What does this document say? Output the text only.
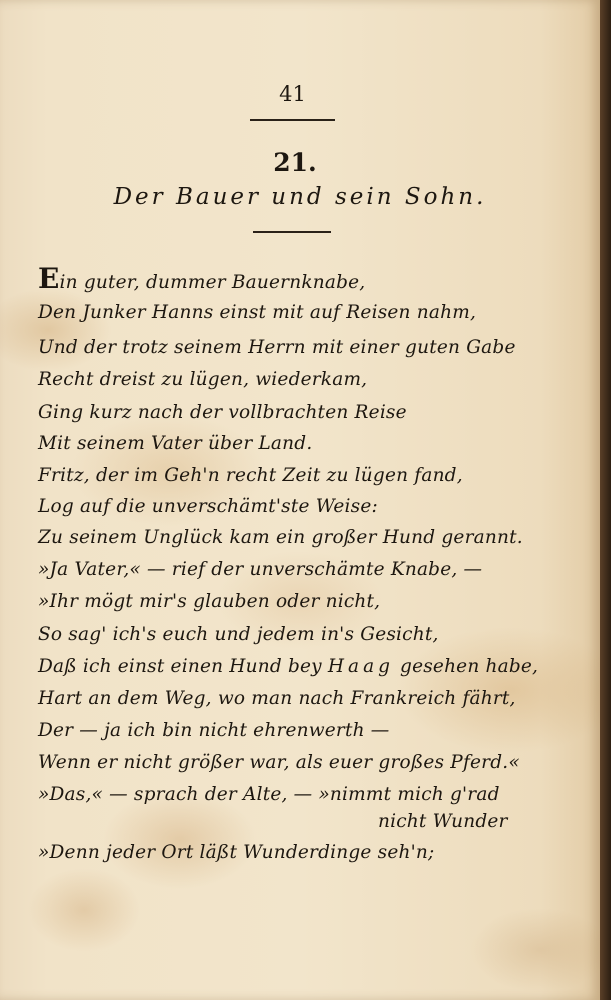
41
21.
Der Bauer und sein Sohn.
Ein guter, dummer Bauernknabe,
Den Junker Hanns einst mit auf Reisen nahm,
Und der trotz seinem Herrn mit einer guten Gabe
Recht dreist zu lügen, wiederkam,
Ging kurz nach der vollbrachten Reise
Mit seinem Vater über Land.
Fritz, der im Geh'n recht Zeit zu lügen fand,
Log auf die unverschämt'ste Weise:
Zu seinem Unglück kam ein großer Hund gerannt.
»Ja Vater,« — rief der unverschämte Knabe, —
»Ihr mögt mir's glauben oder nicht,
So sag' ich's euch und jedem in's Gesicht,
Daß ich einst einen Hund bey Haag gesehen habe,
Hart an dem Weg, wo man nach Frankreich fährt,
Der — ja ich bin nicht ehrenwerth —
Wenn er nicht größer war, als euer großes Pferd.«
»Das,« — sprach der Alte, — »nimmt mich g'rad
nicht Wunder
»Denn jeder Ort läßt Wunderdinge seh'n;
